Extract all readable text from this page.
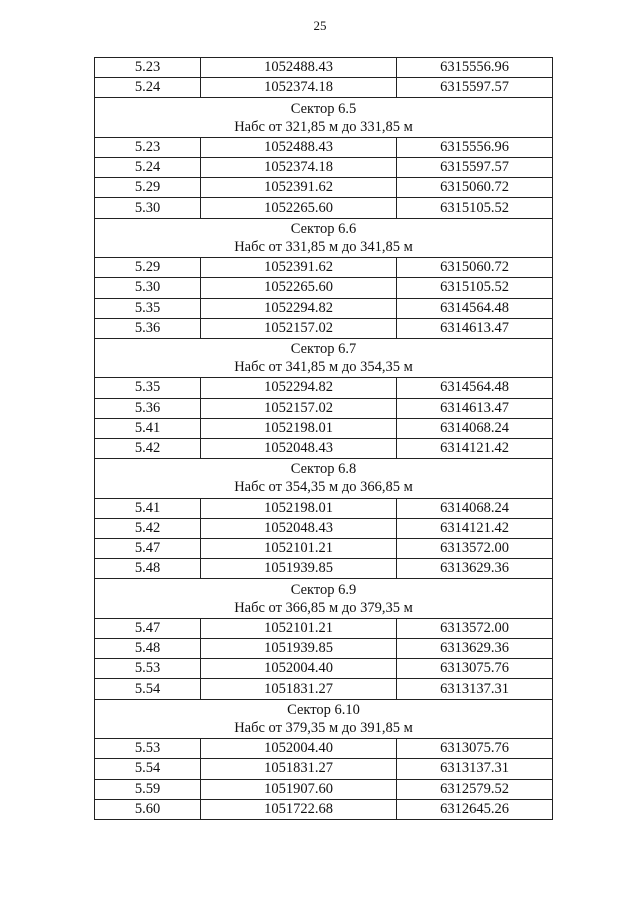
25
5.23	1052488.43	6315556.96
5.24	1052374.18	6315597.57

Сектор 6.5
Набс от 321,85 м до 331,85 м		

5.23	1052488.43	6315556.96
5.24	1052374.18	6315597.57
5.29	1052391.62	6315060.72
5.30	1052265.60	6315105.52

Сектор 6.6
Набс от 331,85 м до 341,85 м		

5.29	1052391.62	6315060.72
5.30	1052265.60	6315105.52
5.35	1052294.82	6314564.48
5.36	1052157.02	6314613.47

Сектор 6.7
Набс от 341,85 м до 354,35 м		

5.35	1052294.82	6314564.48
5.36	1052157.02	6314613.47
5.41	1052198.01	6314068.24
5.42	1052048.43	6314121.42

Сектор 6.8
Набс от 354,35 м до 366,85 м		

5.41	1052198.01	6314068.24
5.42	1052048.43	6314121.42
5.47	1052101.21	6313572.00
5.48	1051939.85	6313629.36

Сектор 6.9
Набс от 366,85 м до 379,35 м		

5.47	1052101.21	6313572.00
5.48	1051939.85	6313629.36
5.53	1052004.40	6313075.76
5.54	1051831.27	6313137.31

Сектор 6.10
Набс от 379,35 м до 391,85 м		

5.53	1052004.40	6313075.76
5.54	1051831.27	6313137.31
5.59	1051907.60	6312579.52
5.60	1051722.68	6312645.26
